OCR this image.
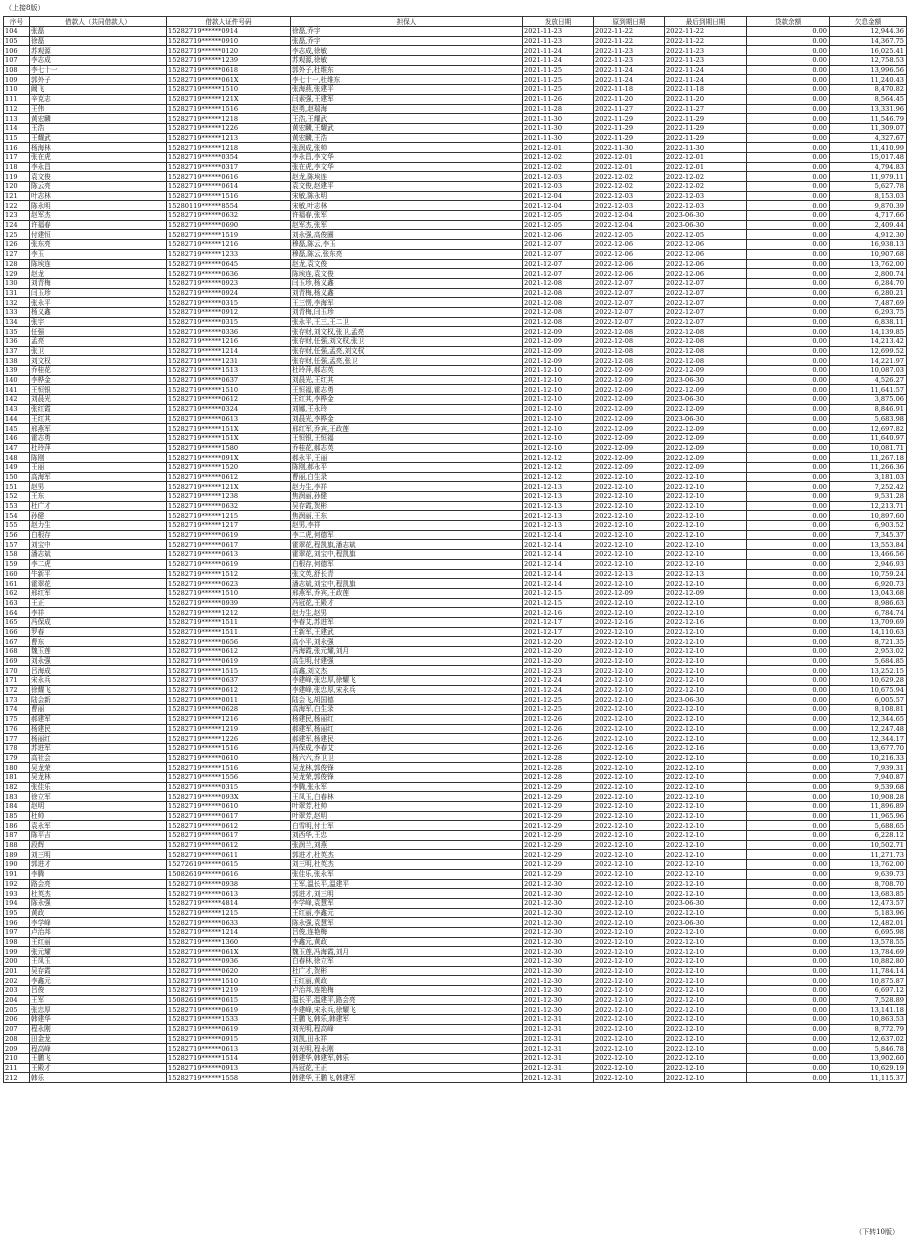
（上接8版）
序号	借款人（共同借款人）	借款人证件号码	担保人	发放日期	原到期日期	最后到期日期	贷款余额	欠息金额
104	张磊	15282719******0914	徐磊,乔宇	2021-11-23	2022-11-22	2022-11-22	0.00	12,944.36
105	徐磊	15282719******0910	张磊,乔宇	2021-11-23	2022-11-22	2022-11-22	0.00	14,367.75
106	苏观源	15282719******0120	李志成,徐敏	2021-11-24	2022-11-23	2022-11-23	0.00	16,025.41
107	李志成	15282719******1239	苏观源,徐敏	2021-11-24	2022-11-23	2022-11-23	0.00	12,758.53
108	李七十一	15282719******0618	郭外子,杜维东	2021-11-25	2022-11-24	2022-11-24	0.00	13,996.56
109	郭外子	15282719******061X	李七十一,杜维东	2021-11-25	2022-11-24	2022-11-24	0.00	11,240.43
110	阚飞	15282719******1510	张海燕,张建平	2021-11-25	2022-11-18	2022-11-18	0.00	8,470.82
111	辛克志	15282719******121X	闫素强,王建军	2021-11-26	2022-11-20	2022-11-20	0.00	8,564.45
112	王伟	15282719******1516	赵勇,赵瑞海	2021-11-28	2022-11-27	2022-11-27	0.00	13,331.96
113	黄宏麟	15282719******1218	王浩,王耀武	2021-11-30	2022-11-29	2022-11-29	0.00	11,546.79
114	王浩	15282719******1226	黄宏麟,王耀武	2021-11-30	2022-11-29	2022-11-29	0.00	11,309.07
115	王耀武	15282719******1213	黄宏麟,王浩	2021-11-30	2022-11-29	2022-11-29	0.00	4,327.67
116	杨海林	15282719******1218	张润成,张帅	2021-12-01	2022-11-30	2022-11-30	0.00	11,410.99
117	张在虎	15282719******0354	李永昌,李文华	2021-12-02	2022-12-01	2022-12-01	0.00	15,017.48
118	李永昌	15282719******0317	张在虎,李文华	2021-12-02	2022-12-01	2022-12-01	0.00	4,794.83
119	袁文俊	15282719******0616	赵龙,陈埃连	2021-12-03	2022-12-02	2022-12-02	0.00	11,979.11
120	陈云亮	15282719******0614	袁文俊,赵建平	2021-12-03	2022-12-02	2022-12-02	0.00	5,627.78
121	叶志林	15282719******1516	宋敏,陈永明	2021-12-04	2022-12-03	2022-12-03	0.00	8,153.03
122	陈永明	15280119******8554	宋敏,叶志林	2021-12-04	2022-12-03	2022-12-03	0.00	9,870.39
123	赵军杰	15282719******0632	许福春,张军	2021-12-05	2022-12-04	2023-06-30	0.00	4,717.66
124	许福春	15282719******0690	赵军杰,张军	2021-12-05	2022-12-04	2023-06-30	0.00	2,409.44
125	付建恒	15282719******1519	刘永强,高俊圈	2021-12-06	2022-12-05	2022-12-05	0.00	4,912.30
126	张东亮	15282719******1216	穆磊,陈云,李玉	2021-12-07	2022-12-06	2022-12-06	0.00	16,938.13
127	李玉	15282719******1233	穆磊,陈云,张东亮	2021-12-07	2022-12-06	2022-12-06	0.00	10,907.68
128	陈埃连	15282719******0645	赵龙,袁文俊	2021-12-07	2022-12-06	2022-12-06	0.00	13,762.00
129	赵龙	15282719******0636	陈埃连,袁文俊	2021-12-07	2022-12-06	2022-12-06	0.00	2,800.74
130	刘青梅	15282719******0923	闫玉珍,杨义鑫	2021-12-08	2022-12-07	2022-12-07	0.00	6,284.70
131	闫玉珍	15282719******0924	刘青梅,杨义鑫	2021-12-08	2022-12-07	2022-12-07	0.00	6,280.21
132	张永平	15282719******0315	王三愣,李海军	2021-12-08	2022-12-07	2022-12-07	0.00	7,487.69
133	杨义鑫	15282719******0912	刘青梅,闫玉珍	2021-12-08	2022-12-07	2022-12-07	0.00	6,293.75
134	张宇	15282719******0315	张永平,王三,王二卫	2021-12-08	2022-12-07	2022-12-07	0.00	6,838.11
135	任强	15282719******0336	张存财,刘文权,张卫,孟亮	2021-12-09	2022-12-08	2022-12-08	0.00	14,139.85
136	孟亮	15282719******1216	张存财,任强,刘文权,张卫	2021-12-09	2022-12-08	2022-12-08	0.00	14,213.42
137	张卫	15282719******1214	张存财,任强,孟亮,刘文权	2021-12-09	2022-12-08	2022-12-08	0.00	12,699.52
138	刘文权	15282719******1231	张存财,任强,孟亮,张卫	2021-12-09	2022-12-08	2022-12-08	0.00	14,221.97
139	乔桂花	15282719******1513	杜玲萍,郝志英	2021-12-10	2022-12-09	2022-12-09	0.00	10,087.03
140	李桦金	15282719******0637	刘晨光,王红其	2021-12-10	2022-12-09	2023-06-30	0.00	4,526.27
141	王恒银	15282719******1510	王恒福,霍志勇	2021-12-10	2022-12-09	2022-12-09	0.00	11,641.57
142	刘晨光	15282719******0612	王红其,李桦金	2021-12-10	2022-12-09	2023-06-30	0.00	3,875.06
143	张红霞	15282719******0324	刘娜,王永玲	2021-12-10	2022-12-09	2022-12-09	0.00	8,846.91
144	王红其	15282719******0613	刘晨光,李桦金	2021-12-10	2022-12-09	2023-06-30	0.00	5,683.98
145	邢燕军	15282719******151X	邢红军,乔宾,王政莲	2021-12-10	2022-12-09	2022-12-09	0.00	12,697.82
146	霍志勇	15282719******151X	王恒银,王恒福	2021-12-10	2022-12-09	2022-12-09	0.00	11,640.97
147	杜玲萍	15282719******1580	乔桂花,郝志英	2021-12-10	2022-12-09	2022-12-09	0.00	10,081.71
148	陈刚	15282719******091X	郝永平,王丽	2021-12-12	2022-12-09	2022-12-09	0.00	11,267.18
149	王丽	15282719******1520	陈刚,郝永平	2021-12-12	2022-12-09	2022-12-09	0.00	11,266.36
150	高海军	15282719******0612	曹丽,白生录	2021-12-12	2022-12-10	2022-12-10	0.00	3,181.03
151	赵男	15282719******121X	赵力生,李祥	2021-12-13	2022-12-10	2022-12-10	0.00	7,252.42
152	王东	15282719******1238	焦润丽,孙健	2021-12-13	2022-12-10	2022-12-10	0.00	9,531.28
153	杜广才	15282719******0632	吴存霞,贺彬	2021-12-13	2022-12-10	2022-12-10	0.00	12,213.71
154	孙健	15282719******1215	焦润丽,王东	2021-12-13	2022-12-10	2022-12-10	0.00	10,897.60
155	赵力生	15282719******1217	赵男,李祥	2021-12-13	2022-12-10	2022-12-10	0.00	6,903.52
156	白根存	15282719******0619	李二虎,何德军	2021-12-14	2022-12-10	2022-12-10	0.00	7,345.37
157	刘宝中	15282719******0617	霍翠花,程凯旗,潘志斌	2021-12-14	2022-12-10	2022-12-10	0.00	13,553.84
158	潘志斌	15282719******0613	霍翠花,刘宝中,程凯旗	2021-12-14	2022-12-10	2022-12-10	0.00	13,466.56
159	李二虎	15282719******0619	白根存,何德军	2021-12-14	2022-12-10	2022-12-10	0.00	2,946.93
160	牛新平	15282719******1512	张文英,舒长青	2021-12-14	2022-12-13	2022-12-13	0.00	10,759.24
161	霍翠花	15282719******0623	潘志斌,刘宝中,程凯旗	2021-12-14	2022-12-10	2022-12-10	0.00	6,920.73
162	邢红军	15282719******1510	邢燕军,乔宾,王政莲	2021-12-15	2022-12-09	2022-12-09	0.00	13,043.68
163	王正	15282719******0939	冯冠花,王殿才	2021-12-15	2022-12-10	2022-12-10	0.00	8,986.63
164	李祥	15282719******1212	赵力生,赵男	2021-12-16	2022-12-10	2022-12-10	0.00	6,784.74
165	冯保成	15282719******1511	李春艾,苏进军	2021-12-17	2022-12-16	2022-12-16	0.00	13,709.69
166	罗春	15282719******1511	王新军,王建武	2021-12-17	2022-12-10	2022-12-10	0.00	14,110.63
167	曹东	15282719******0656	高小平,刘永强	2021-12-20	2022-12-10	2022-12-10	0.00	8,721.35
168	魏玉莲	15282719******0612	冯海霞,张元耀,刘月	2021-12-20	2022-12-10	2022-12-10	0.00	2,953.02
169	刘永强	15282719******0619	高生明,付建强	2021-12-20	2022-12-10	2022-12-10	0.00	5,684.85
170	吕海成	15282719******1515	高鑫,刘文杰	2021-12-23	2022-12-10	2022-12-10	0.00	13,252.15
171	宋永兵	15282719******0637	李建峰,张忠厚,徐耀飞	2021-12-24	2022-12-10	2022-12-10	0.00	10,629.28
172	徐耀飞	15282719******0612	李建峰,张忠厚,宋永兵	2021-12-24	2022-12-10	2022-12-10	0.00	10,675.94
173	陆会新	15282719******0011	陆会飞,胡国德	2021-12-25	2022-12-10	2023-06-30	0.00	6,005.57
174	曹丽	15282719******0628	高海军,白生录	2021-12-25	2022-12-10	2022-12-10	0.00	8,108.81
175	郝建军	15282719******1216	杨建民,杨丽红	2021-12-26	2022-12-10	2022-12-10	0.00	12,344.65
176	杨建民	15282719******1219	郝建军,杨丽红	2021-12-26	2022-12-10	2022-12-10	0.00	12,247.48
177	杨丽红	15282719******1226	郝建军,杨建民	2021-12-26	2022-12-10	2022-12-10	0.00	12,344.17
178	苏进军	15282719******1516	冯保成,李春艾	2021-12-26	2022-12-16	2022-12-16	0.00	13,677.70
179	高社会	15282719******0610	杨六六,乔卫卫	2021-12-28	2022-12-10	2022-12-10	0.00	10,216.33
180	吴龙荣	15282719******1516	吴龙林,郭俊锋	2021-12-28	2022-12-10	2022-12-10	0.00	7,939.31
181	吴龙林	15282719******1556	吴龙荣,郭俊锋	2021-12-28	2022-12-10	2022-12-10	0.00	7,940.87
182	张佳乐	15282719******0315	李腾,张永军	2021-12-29	2022-12-10	2022-12-10	0.00	9,539.68
183	徐立军	15282719******093X	王凤玉,白春林	2021-12-29	2022-12-10	2022-12-10	0.00	10,908.28
184	赵明	15282719******0610	叶翠芳,杜帅	2021-12-29	2022-12-10	2022-12-10	0.00	11,896.89
185	杜帅	15282719******0617	叶翠芳,赵明	2021-12-29	2022-12-10	2022-12-10	0.00	11,965.96
186	袁永军	15282719******0612	白雪明,付士军	2021-12-29	2022-12-10	2022-12-10	0.00	5,688.65
187	陈平吉	15282719******0617	刘西华,王忠	2021-12-29	2022-12-10	2022-12-10	0.00	6,228.12
188	段辉	15282719******0612	张润兰,刘燕	2021-12-29	2022-12-10	2022-12-10	0.00	10,502.71
189	刘三明	15282719******0611	郭进才,杜英杰	2021-12-29	2022-12-10	2022-12-10	0.00	11,271.73
190	郭进才	15272619******0615	刘三明,杜英杰	2021-12-29	2022-12-10	2022-12-10	0.00	13,762.00
191	李腾	15082619******0616	张佳乐,张永军	2021-12-29	2022-12-10	2022-12-10	0.00	9,639.73
192	路会亮	15282719******0938	王军,温长平,温建平	2021-12-30	2022-12-10	2022-12-10	0.00	8,708.70
193	杜英杰	15282719******0613	郭进才,刘三明	2021-12-30	2022-12-10	2022-12-10	0.00	13,683.85
194	陈永强	15282719******4814	李学峰,袁慧军	2021-12-30	2022-12-10	2023-06-30	0.00	12,473.57
195	黄政	15282719******1215	王红丽,李鑫元	2021-12-30	2022-12-10	2022-12-10	0.00	5,183.96
196	李学峰	15282719******0633	陈永强,袁慧军	2021-12-30	2022-12-10	2023-06-30	0.00	12,482.01
197	卢治邦	15282719******1214	吕俊,连艳梅	2021-12-30	2022-12-10	2022-12-10	0.00	6,695.98
198	王红丽	15282719******1360	李鑫元,黄政	2021-12-30	2022-12-10	2022-12-10	0.00	13,578.55
199	张元耀	15282719******061X	魏玉莲,冯海霞,刘月	2021-12-30	2022-12-10	2022-12-10	0.00	13,784.69
200	王凤玉	15282719******0936	白春林,徐立军	2021-12-30	2022-12-10	2022-12-10	0.00	10,882.80
201	吴存霞	15282719******0620	杜广才,贺彬	2021-12-30	2022-12-10	2022-12-10	0.00	11,784.14
202	李鑫元	15282719******1510	王红丽,黄政	2021-12-30	2022-12-10	2022-12-10	0.00	10,875.87
203	吕俊	15282719******1219	卢治邦,连艳梅	2021-12-30	2022-12-10	2022-12-10	0.00	6,697.12
204	王军	15082619******0615	温长平,温建平,路会亮	2021-12-30	2022-12-10	2022-12-10	0.00	7,528.89
205	张忠厚	15282719******0619	李建峰,宋永兵,徐耀飞	2021-12-30	2022-12-10	2022-12-10	0.00	13,141.18
206	韩建华	15282719******1533	王鹏飞,韩乐,韩建军	2021-12-31	2022-12-10	2022-12-10	0.00	10,863.53
207	程永刚	15282719******0619	刘光明,程高峰	2021-12-31	2022-12-10	2022-12-10	0.00	8,772.79
208	田金龙	15282719******0915	刘凯,田永祥	2021-12-31	2022-12-10	2022-12-10	0.00	12,637.02
209	程高峰	15282719******0613	刘光明,程永刚	2021-12-31	2022-12-10	2022-12-10	0.00	5,846.78
210	王鹏飞	15282719******1514	韩建华,韩建军,韩乐	2021-12-31	2022-12-10	2022-12-10	0.00	13,902.60
211	王殿才	15282719******0913	冯冠花,王正	2021-12-31	2022-12-10	2022-12-10	0.00	10,629.19
212	韩乐	15282719******1558	韩建华,王鹏飞,韩建军	2021-12-31	2022-12-10	2022-12-10	0.00	11,115.37
（下转10版）
